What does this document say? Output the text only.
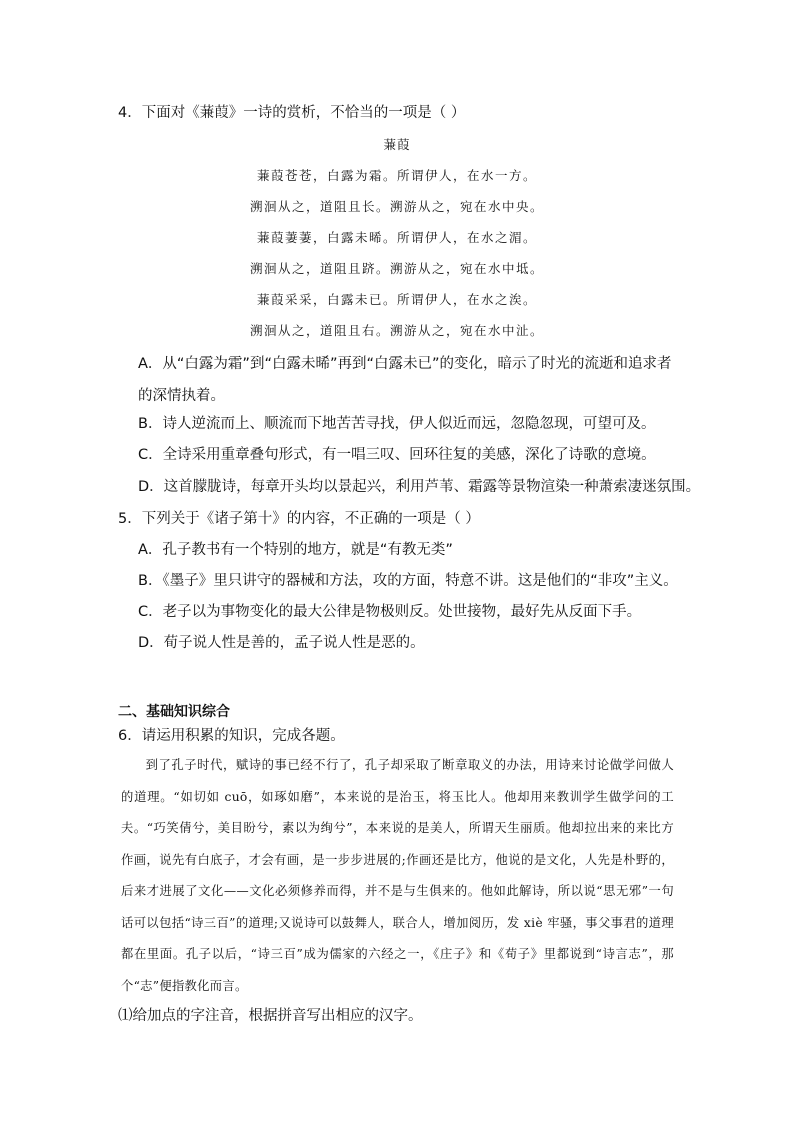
4．下面对《蒹葭》一诗的赏析，不恰当的一项是（ ）
蒹葭
蒹葭苍苍，白露为霜。所谓伊人，在水一方。
溯洄从之，道阻且长。溯游从之，宛在水中央。
蒹葭萋萋，白露未晞。所谓伊人，在水之湄。
溯洄从之，道阻且跻。溯游从之，宛在水中坻。
蒹葭采采，白露未已。所谓伊人，在水之涘。
溯洄从之，道阻且右。溯游从之，宛在水中沚。
A．从“白露为霜”到“白露未晞”再到“白露未已”的变化，暗示了时光的流逝和追求者的深情执着。
B．诗人逆流而上、顺流而下地苦苦寻找，伊人似近而远，忽隐忽现，可望可及。
C．全诗采用重章叠句形式，有一唱三叹、回环往复的美感，深化了诗歌的意境。
D．这首朦胧诗，每章开头均以景起兴，利用芦苇、霜露等景物渲染一种萧索凄迷氛围。
5．下列关于《诸子第十》的内容，不正确的一项是（ ）
A．孔子教书有一个特别的地方，就是“有教无类”
B．《墨子》里只讲守的器械和方法，攻的方面，特意不讲。这是他们的“非攻”主义。
C．老子以为事物变化的最大公律是物极则反。处世接物，最好先从反面下手。
D．荀子说人性是善的，孟子说人性是恶的。
二、基础知识综合
6．请运用积累的知识，完成各题。
到了孔子时代，赋诗的事已经不行了，孔子却采取了断章取义的办法，用诗来讨论做学问做人的道理。“如切如 cuō，如琢如磨”，本来说的是治玉，将玉比人。他却用来教训学生做学问的工夫。“巧笑倩兮，美目盼兮，素以为绚兮”，本来说的是美人，所谓天生丽质。他却拉出来的来比方作画，说先有白底子，才会有画，是一步步进展的;作画还是比方，他说的是文化，人先是朴野的，后来才进展了文化——文化必须修养而得，并不是与生俱来的。他如此解诗，所以说“思无邪”一句话可以包括“诗三百”的道理;又说诗可以鼓舞人，联合人，增加阅历，发 xiè 牢骚，事父事君的道理都在里面。孔子以后，“诗三百”成为儒家的六经之一，《庄子》和《荀子》里都说到“诗言志”，那个“志”便指教化而言。
⑴给加点的字注音，根据拼音写出相应的汉字。
